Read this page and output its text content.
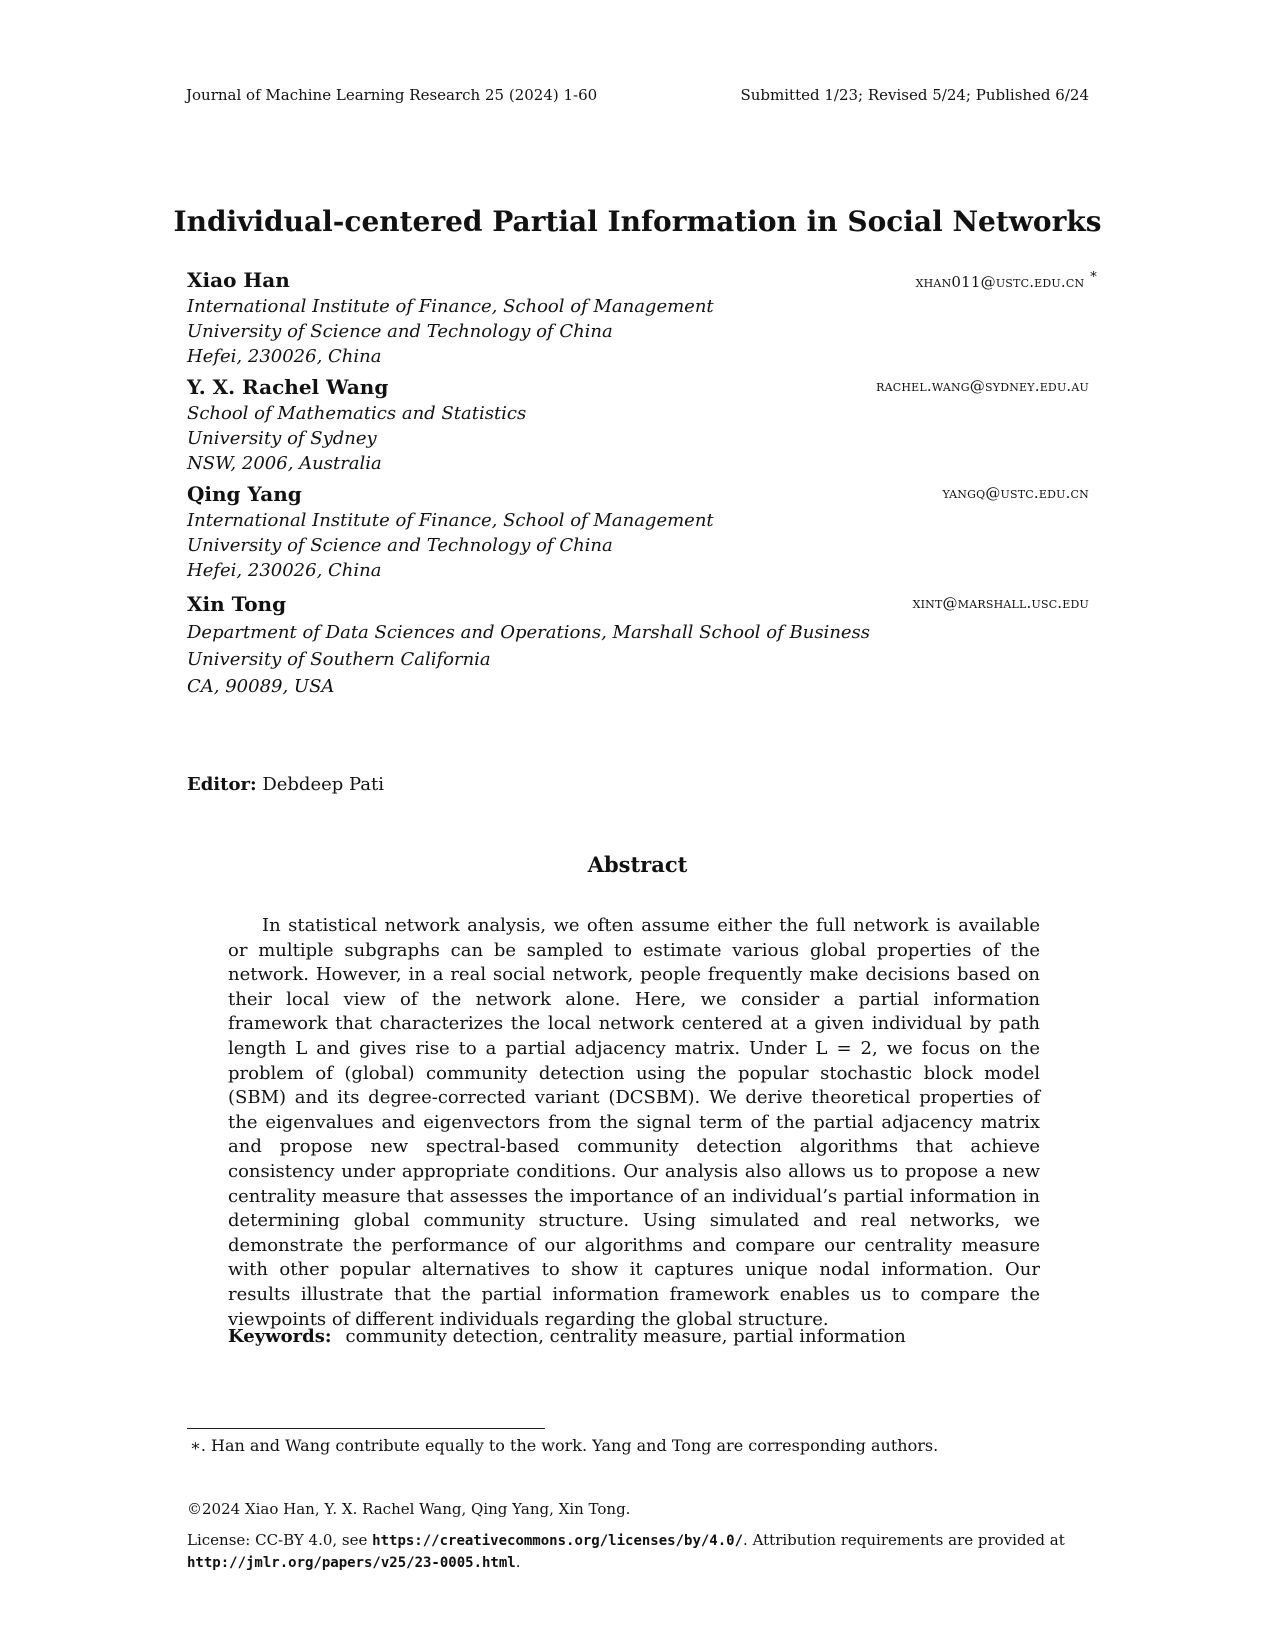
Journal of Machine Learning Research 25 (2024) 1-60	Submitted 1/23; Revised 5/24; Published 6/24
Individual-centered Partial Information in Social Networks
Xiao Han	xhan011@ustc.edu.cn *
International Institute of Finance, School of Management
University of Science and Technology of China
Hefei, 230026, China
Y. X. Rachel Wang	rachel.wang@sydney.edu.au
School of Mathematics and Statistics
University of Sydney
NSW, 2006, Australia
Qing Yang	yangq@ustc.edu.cn
International Institute of Finance, School of Management
University of Science and Technology of China
Hefei, 230026, China
Xin Tong	xint@marshall.usc.edu
Department of Data Sciences and Operations, Marshall School of Business
University of Southern California
CA, 90089, USA
Editor: Debdeep Pati
Abstract

In statistical network analysis, we often assume either the full network is available or multiple subgraphs can be sampled to estimate various global properties of the network. However, in a real social network, people frequently make decisions based on their local view of the network alone. Here, we consider a partial information framework that characterizes the local network centered at a given individual by path length L and gives rise to a partial adjacency matrix. Under L = 2, we focus on the problem of (global) community detection using the popular stochastic block model (SBM) and its degree-corrected variant (DCSBM). We derive theoretical properties of the eigenvalues and eigenvectors from the signal term of the partial adjacency matrix and propose new spectral-based community detection algorithms that achieve consistency under appropriate conditions. Our analysis also allows us to propose a new centrality measure that assesses the importance of an individual’s partial information in determining global community structure. Using simulated and real networks, we demonstrate the performance of our algorithms and compare our centrality measure with other popular alternatives to show it captures unique nodal information. Our results illustrate that the partial information framework enables us to compare the viewpoints of different individuals regarding the global structure.

Keywords: community detection, centrality measure, partial information
∗. Han and Wang contribute equally to the work. Yang and Tong are corresponding authors.
©2024 Xiao Han, Y. X. Rachel Wang, Qing Yang, Xin Tong.
License: CC-BY 4.0, see https://creativecommons.org/licenses/by/4.0/. Attribution requirements are provided at http://jmlr.org/papers/v25/23-0005.html.
